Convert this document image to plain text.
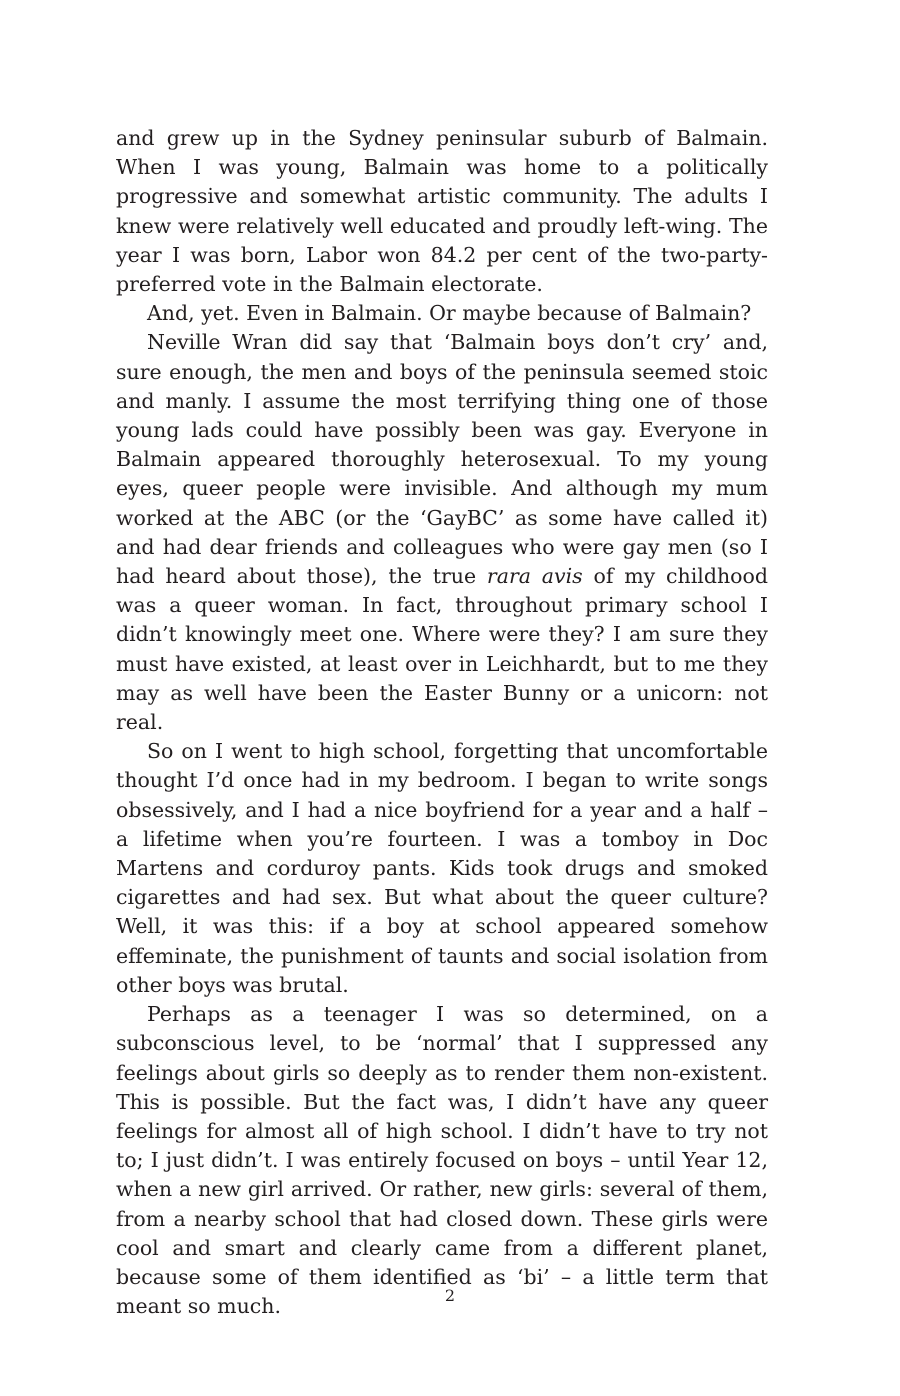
and grew up in the Sydney peninsular suburb of Balmain. When I was young, Balmain was home to a politically progressive and somewhat artistic community. The adults I knew were relatively well educated and proudly left-wing. The year I was born, Labor won 84.2 per cent of the two-party-preferred vote in the Balmain electorate.

And, yet. Even in Balmain. Or maybe because of Balmain?

Neville Wran did say that ‘Balmain boys don’t cry’ and, sure enough, the men and boys of the peninsula seemed stoic and manly. I assume the most terrifying thing one of those young lads could have possibly been was gay. Everyone in Balmain appeared thoroughly heterosexual. To my young eyes, queer people were invisible. And although my mum worked at the ABC (or the ‘GayBC’ as some have called it) and had dear friends and colleagues who were gay men (so I had heard about those), the true rara avis of my childhood was a queer woman. In fact, throughout primary school I didn’t knowingly meet one. Where were they? I am sure they must have existed, at least over in Leichhardt, but to me they may as well have been the Easter Bunny or a unicorn: not real.

So on I went to high school, forgetting that uncomfortable thought I’d once had in my bedroom. I began to write songs obsessively, and I had a nice boyfriend for a year and a half – a lifetime when you’re fourteen. I was a tomboy in Doc Martens and corduroy pants. Kids took drugs and smoked cigarettes and had sex. But what about the queer culture? Well, it was this: if a boy at school appeared somehow effeminate, the punishment of taunts and social isolation from other boys was brutal.

Perhaps as a teenager I was so determined, on a subconscious level, to be ‘normal’ that I suppressed any feelings about girls so deeply as to render them non-existent. This is possible. But the fact was, I didn’t have any queer feelings for almost all of high school. I didn’t have to try not to; I just didn’t. I was entirely focused on boys – until Year 12, when a new girl arrived. Or rather, new girls: several of them, from a nearby school that had closed down. These girls were cool and smart and clearly came from a different planet, because some of them identified as ‘bi’ – a little term that meant so much.	2
